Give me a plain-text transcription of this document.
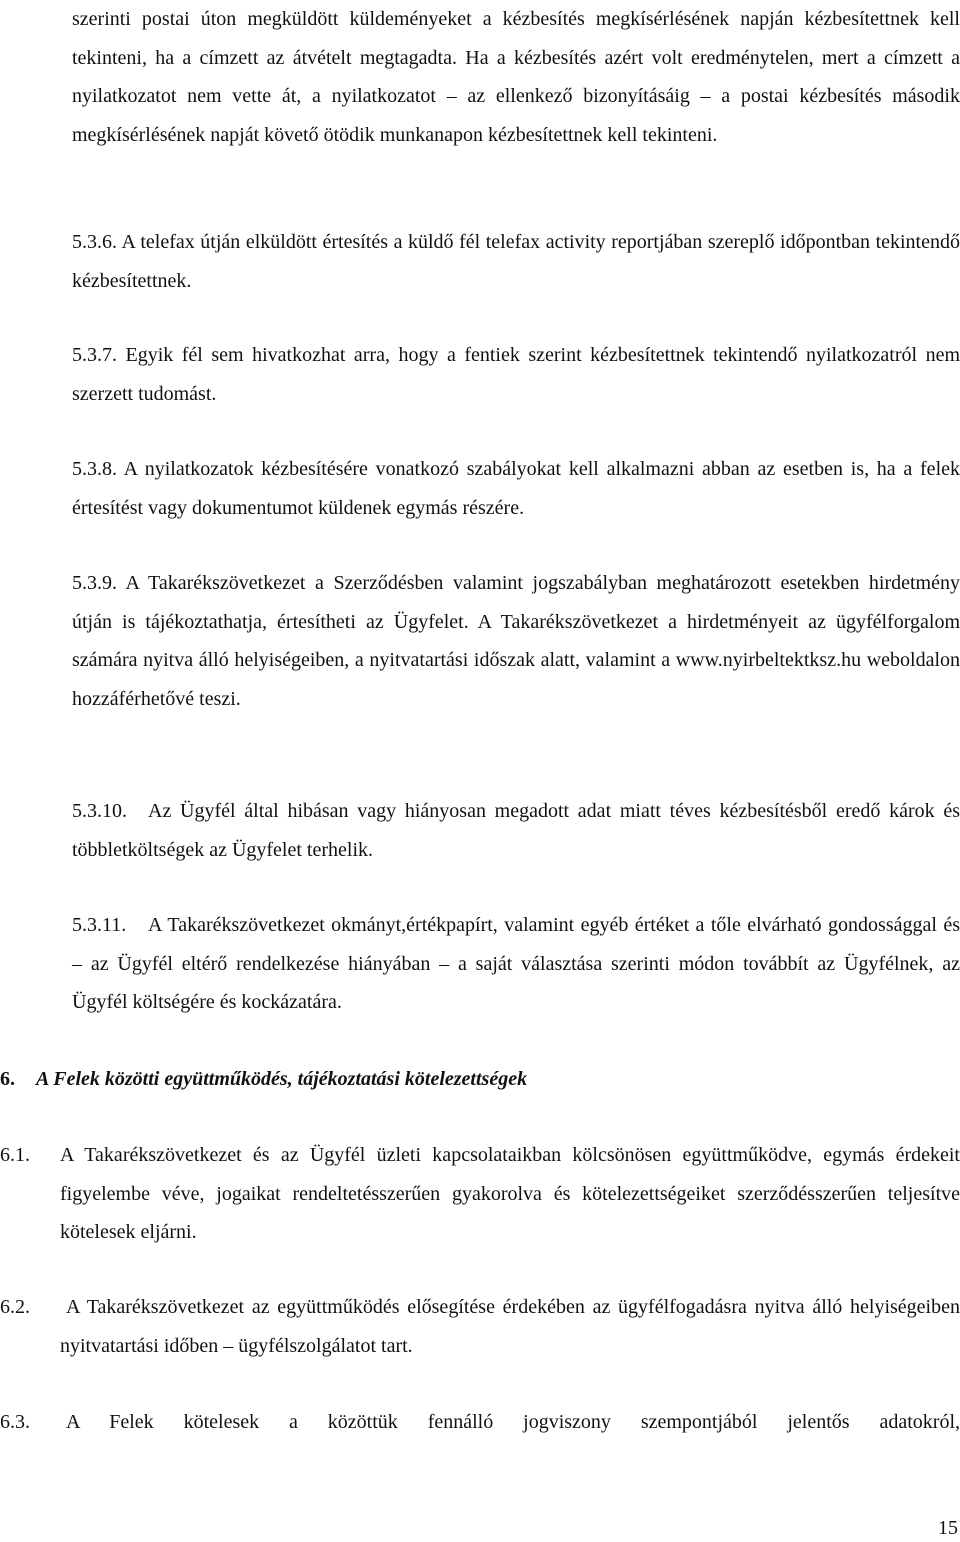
szerinti postai úton megküldött küldeményeket a kézbesítés megkísérlésének napján kézbesítettnek kell tekinteni, ha a címzett az átvételt megtagadta. Ha a kézbesítés azért volt eredménytelen, mert a címzett a nyilatkozatot nem vette át, a nyilatkozatot – az ellenkező bizonyításáig – a postai kézbesítés második megkísérlésének napját követő ötödik munkanapon kézbesítettnek kell tekinteni.
5.3.6. A telefax útján elküldött értesítés a küldő fél telefax activity reportjában szereplő időpontban tekintendő kézbesítettnek.
5.3.7. Egyik fél sem hivatkozhat arra, hogy a fentiek szerint kézbesítettnek tekintendő nyilatkozatról nem szerzett tudomást.
5.3.8. A nyilatkozatok kézbesítésére vonatkozó szabályokat kell alkalmazni abban az esetben is, ha a felek értesítést vagy dokumentumot küldenek egymás részére.
5.3.9. A Takarékszövetkezet a Szerződésben valamint jogszabályban meghatározott esetekben hirdetmény útján is tájékoztathatja, értesítheti az Ügyfelet. A Takarékszövetkezet a hirdetményeit az ügyfélforgalom számára nyitva álló helyiségeiben, a nyitvatartási időszak alatt, valamint a www.nyirbeltektksz.hu weboldalon hozzáférhetővé teszi.
5.3.10.	Az Ügyfél által hibásan vagy hiányosan megadott adat miatt téves kézbesítésből eredő károk és többletköltségek az Ügyfelet terhelik.
5.3.11.	A Takarékszövetkezet okmányt,értékpapírt, valamint egyéb értéket a tőle elvárható gondossággal és – az Ügyfél eltérő rendelkezése hiányában – a saját választása szerinti módon továbbít az Ügyfélnek, az Ügyfél költségére és kockázatára.
6. A Felek közötti együttműködés, tájékoztatási kötelezettségek
6.1. A Takarékszövetkezet és az Ügyfél üzleti kapcsolataikban kölcsönösen együttműködve, egymás érdekeit figyelembe véve, jogaikat rendeltetésszerűen gyakorolva és kötelezettségeiket szerződésszerűen teljesítve kötelesek eljárni.
6.2.	A Takarékszövetkezet az együttműködés elősegítése érdekében az ügyfélfogadásra nyitva álló helyiségeiben nyitvatartási időben – ügyfélszolgálatot tart.
6.3.	A Felek kötelesek a közöttük fennálló jogviszony szempontjából jelentős adatokról,
15
